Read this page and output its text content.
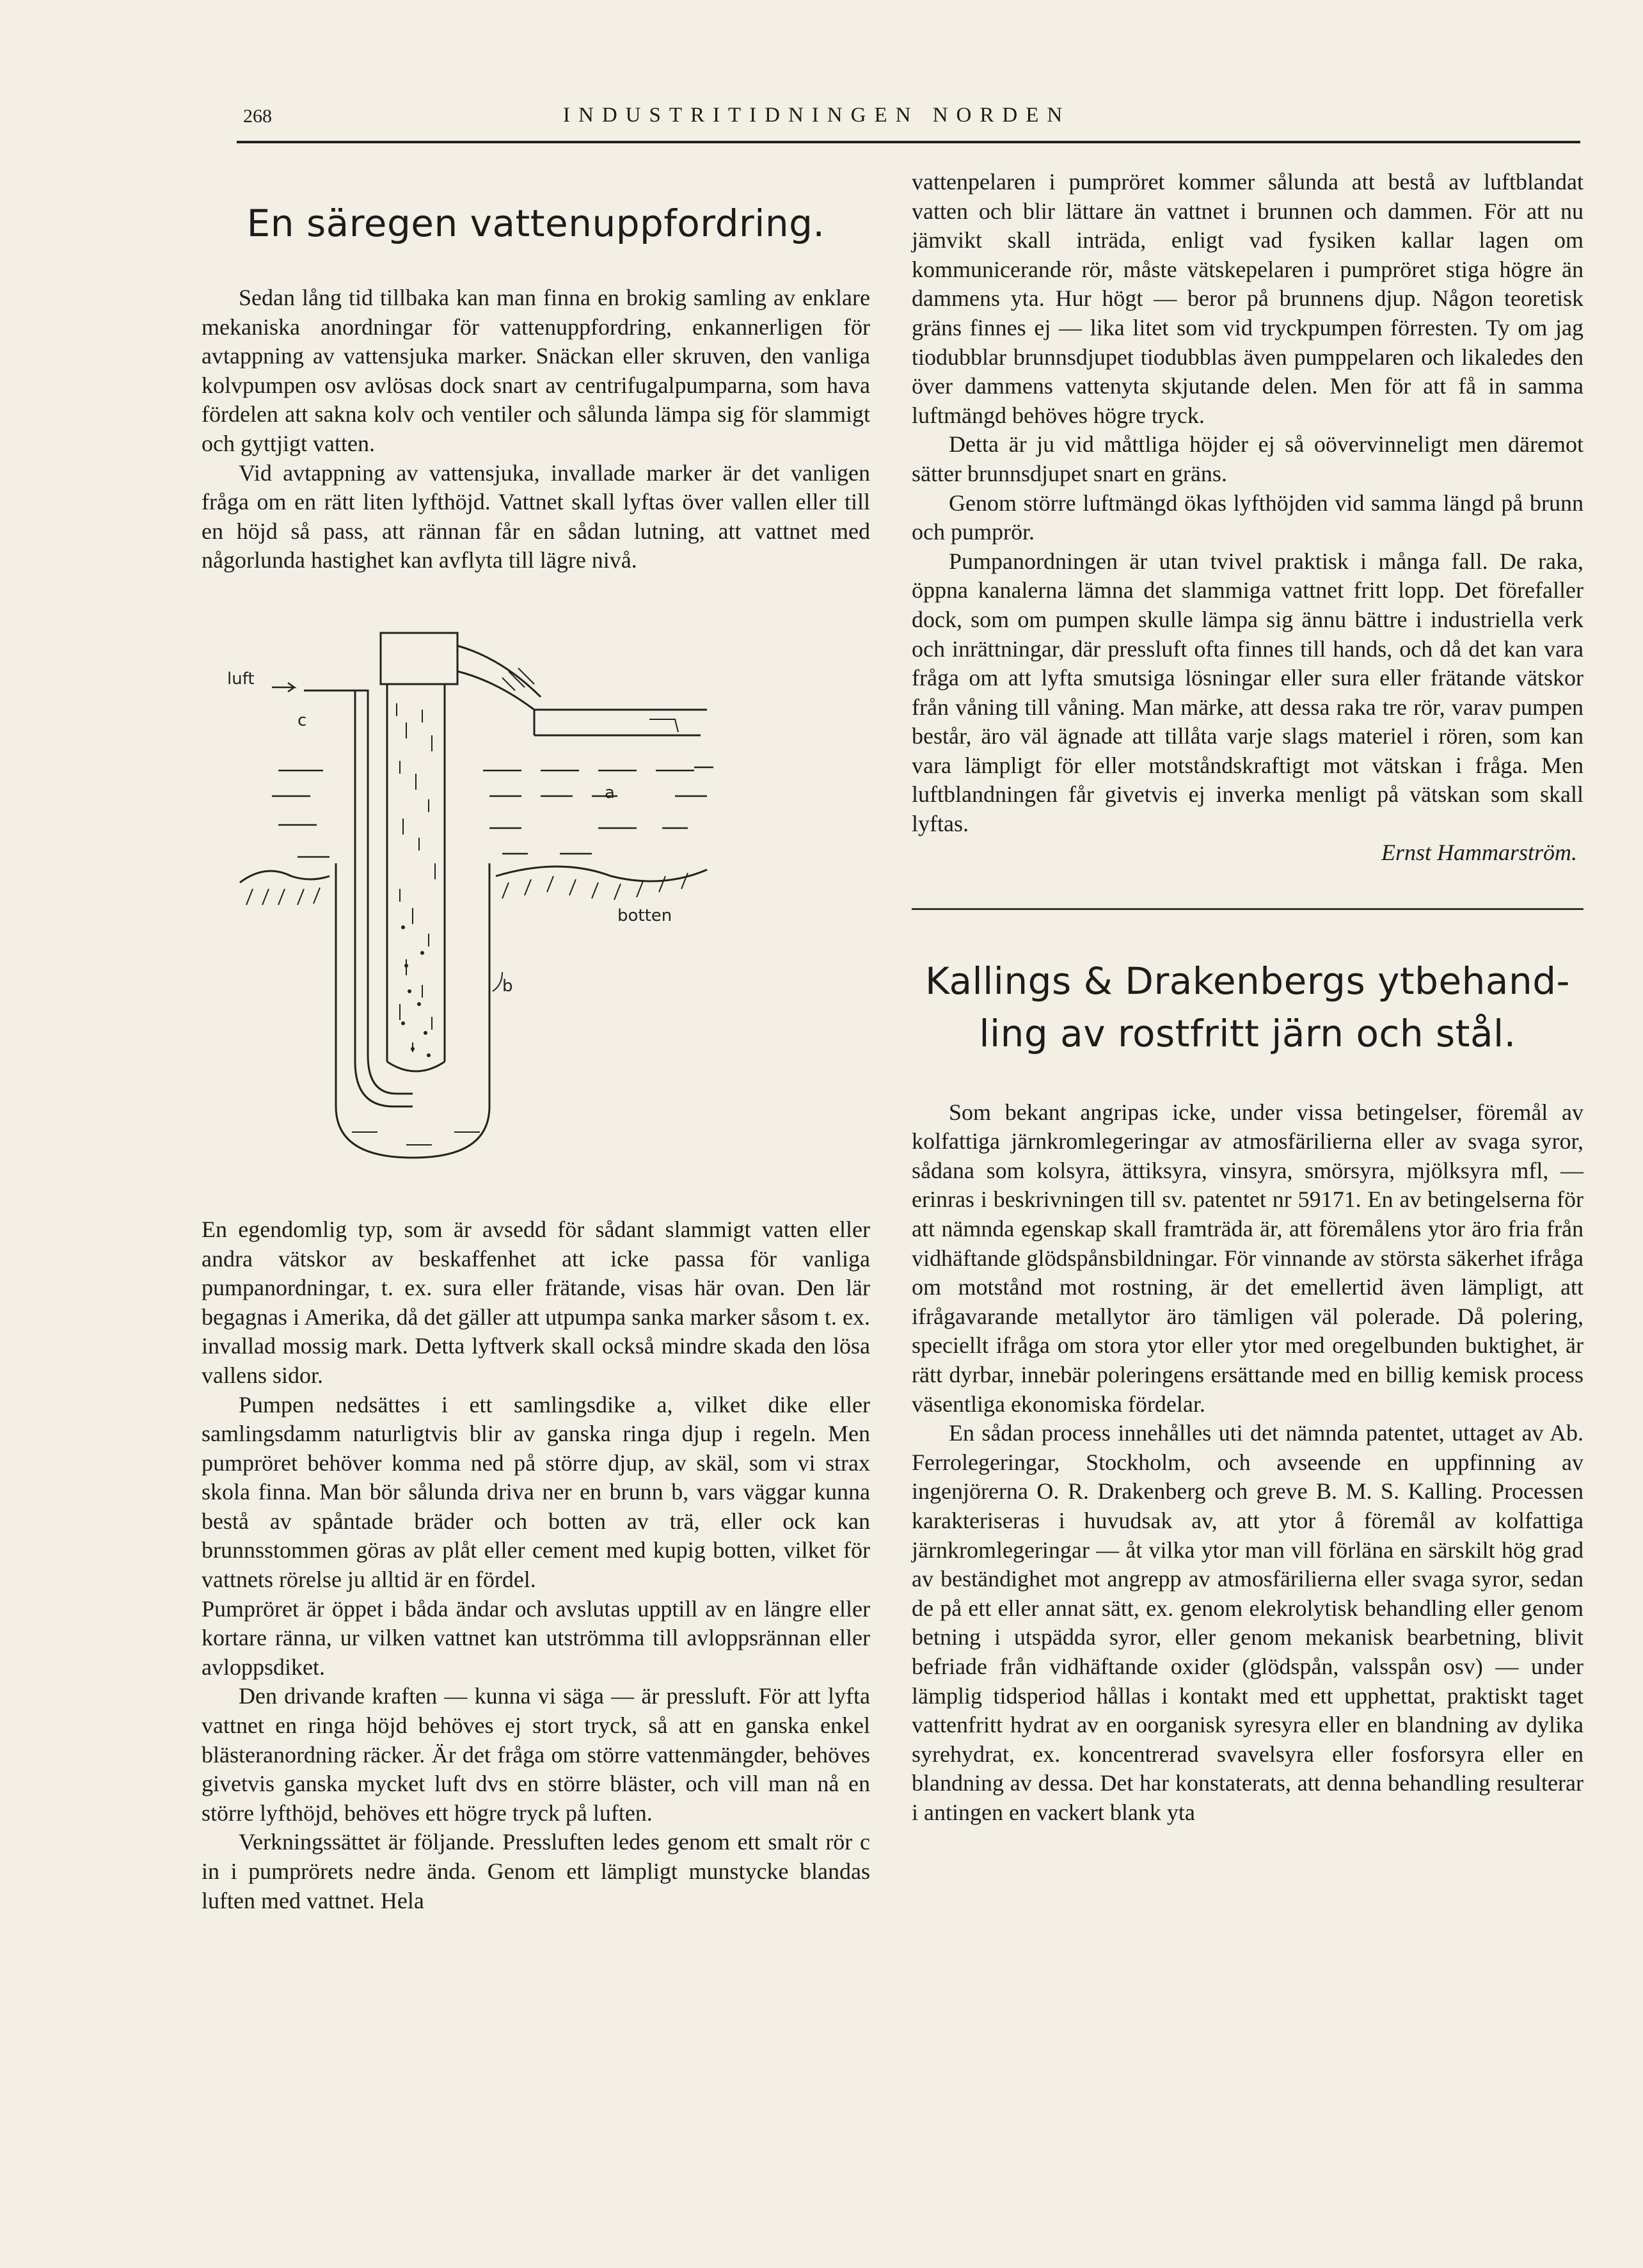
268	INDUSTRITIDNINGEN NORDEN
En säregen vattenuppfordring.

Sedan lång tid tillbaka kan man finna en brokig samling av enklare mekaniska anordningar för vattenuppfordring, enkannerligen för avtappning av vattensjuka marker. Snäckan eller skruven, den vanliga kolvpumpen osv avlösas dock snart av centrifugalpumparna, som hava fördelen att sakna kolv och ventiler och sålunda lämpa sig för slammigt och gyttjigt vatten.

Vid avtappning av vattensjuka, invallade marker är det vanligen fråga om en rätt liten lyfthöjd. Vattnet skall lyftas över vallen eller till en höjd så pass, att rännan får en sådan lutning, att vattnet med någorlunda hastighet kan avflyta till lägre nivå.

luft
c
a
b
botten

En egendomlig typ, som är avsedd för sådant slammigt vatten eller andra vätskor av beskaffenhet att icke passa för vanliga pumpanordningar, t. ex. sura eller frätande, visas här ovan. Den lär begagnas i Amerika, då det gäller att utpumpa sanka marker såsom t. ex. invallad mossig mark. Detta lyftverk skall också mindre skada den lösa vallens sidor.

Pumpen nedsättes i ett samlingsdike a, vilket dike eller samlingsdamm naturligtvis blir av ganska ringa djup i regeln. Men pumpröret behöver komma ned på större djup, av skäl, som vi strax skola finna. Man bör sålunda driva ner en brunn b, vars väggar kunna bestå av spåntade bräder och botten av trä, eller ock kan brunnsstommen göras av plåt eller cement med kupig botten, vilket för vattnets rörelse ju alltid är en fördel.

Pumpröret är öppet i båda ändar och avslutas upptill av en längre eller kortare ränna, ur vilken vattnet kan utströmma till avloppsrännan eller avloppsdiket.

Den drivande kraften — kunna vi säga — är pressluft. För att lyfta vattnet en ringa höjd behöves ej stort tryck, så att en ganska enkel blästeranordning räcker. Är det fråga om större vattenmängder, behöves givetvis ganska mycket luft dvs en större bläster, och vill man nå en större lyfthöjd, behöves ett högre tryck på luften.

Verkningssättet är följande. Pressluften ledes genom ett smalt rör c in i pumprörets nedre ända. Genom ett lämpligt munstycke blandas luften med vattnet. Hela

vattenpelaren i pumpröret kommer sålunda att bestå av luftblandat vatten och blir lättare än vattnet i brunnen och dammen. För att nu jämvikt skall inträda, enligt vad fysiken kallar lagen om kommunicerande rör, måste vätskepelaren i pumpröret stiga högre än dammens yta. Hur högt — beror på brunnens djup. Någon teoretisk gräns finnes ej — lika litet som vid tryckpumpen förresten. Ty om jag tiodubblar brunnsdjupet tiodubblas även pumppelaren och likaledes den över dammens vattenyta skjutande delen. Men för att få in samma luftmängd behöves högre tryck.

Detta är ju vid måttliga höjder ej så oövervinneligt men däremot sätter brunnsdjupet snart en gräns.

Genom större luftmängd ökas lyfthöjden vid samma längd på brunn och pumprör.

Pumpanordningen är utan tvivel praktisk i många fall. De raka, öppna kanalerna lämna det slammiga vattnet fritt lopp. Det förefaller dock, som om pumpen skulle lämpa sig ännu bättre i industriella verk och inrättningar, där pressluft ofta finnes till hands, och då det kan vara fråga om att lyfta smutsiga lösningar eller sura eller frätande vätskor från våning till våning. Man märke, att dessa raka tre rör, varav pumpen består, äro väl ägnade att tillåta varje slags materiel i rören, som kan vara lämpligt för eller motståndskraftigt mot vätskan i fråga. Men luftblandningen får givetvis ej inverka menligt på vätskan som skall lyftas.

Ernst Hammarström.
Kallings & Drakenbergs ytbehand-
ling av rostfritt järn och stål.

Som bekant angripas icke, under vissa betingelser, föremål av kolfattiga järnkromlegeringar av atmosfärilierna eller av svaga syror, sådana som kolsyra, ättiksyra, vinsyra, smörsyra, mjölksyra mfl, — erinras i beskrivningen till sv. patentet nr 59171. En av betingelserna för att nämnda egenskap skall framträda är, att föremålens ytor äro fria från vidhäftande glödspånsbildningar. För vinnande av största säkerhet ifråga om motstånd mot rostning, är det emellertid även lämpligt, att ifrågavarande metallytor äro tämligen väl polerade. Då polering, speciellt ifråga om stora ytor eller ytor med oregelbunden buktighet, är rätt dyrbar, innebär poleringens ersättande med en billig kemisk process väsentliga ekonomiska fördelar.

En sådan process innehålles uti det nämnda patentet, uttaget av Ab. Ferrolegeringar, Stockholm, och avseende en uppfinning av ingenjörerna O. R. Drakenberg och greve B. M. S. Kalling. Processen karakteriseras i huvudsak av, att ytor å föremål av kolfattiga järnkromlegeringar — åt vilka ytor man vill förläna en särskilt hög grad av beständighet mot angrepp av atmosfärilierna eller svaga syror, sedan de på ett eller annat sätt, ex. genom elekrolytisk behandling eller genom betning i utspädda syror, eller genom mekanisk bearbetning, blivit befriade från vidhäftande oxider (glödspån, valsspån osv) — under lämplig tidsperiod hållas i kontakt med ett upphettat, praktiskt taget vattenfritt hydrat av en oorganisk syresyra eller en blandning av dylika syrehydrat, ex. koncentrerad svavelsyra eller fosforsyra eller en blandning av dessa. Det har konstaterats, att denna behandling resulterar i antingen en vackert blank yta
